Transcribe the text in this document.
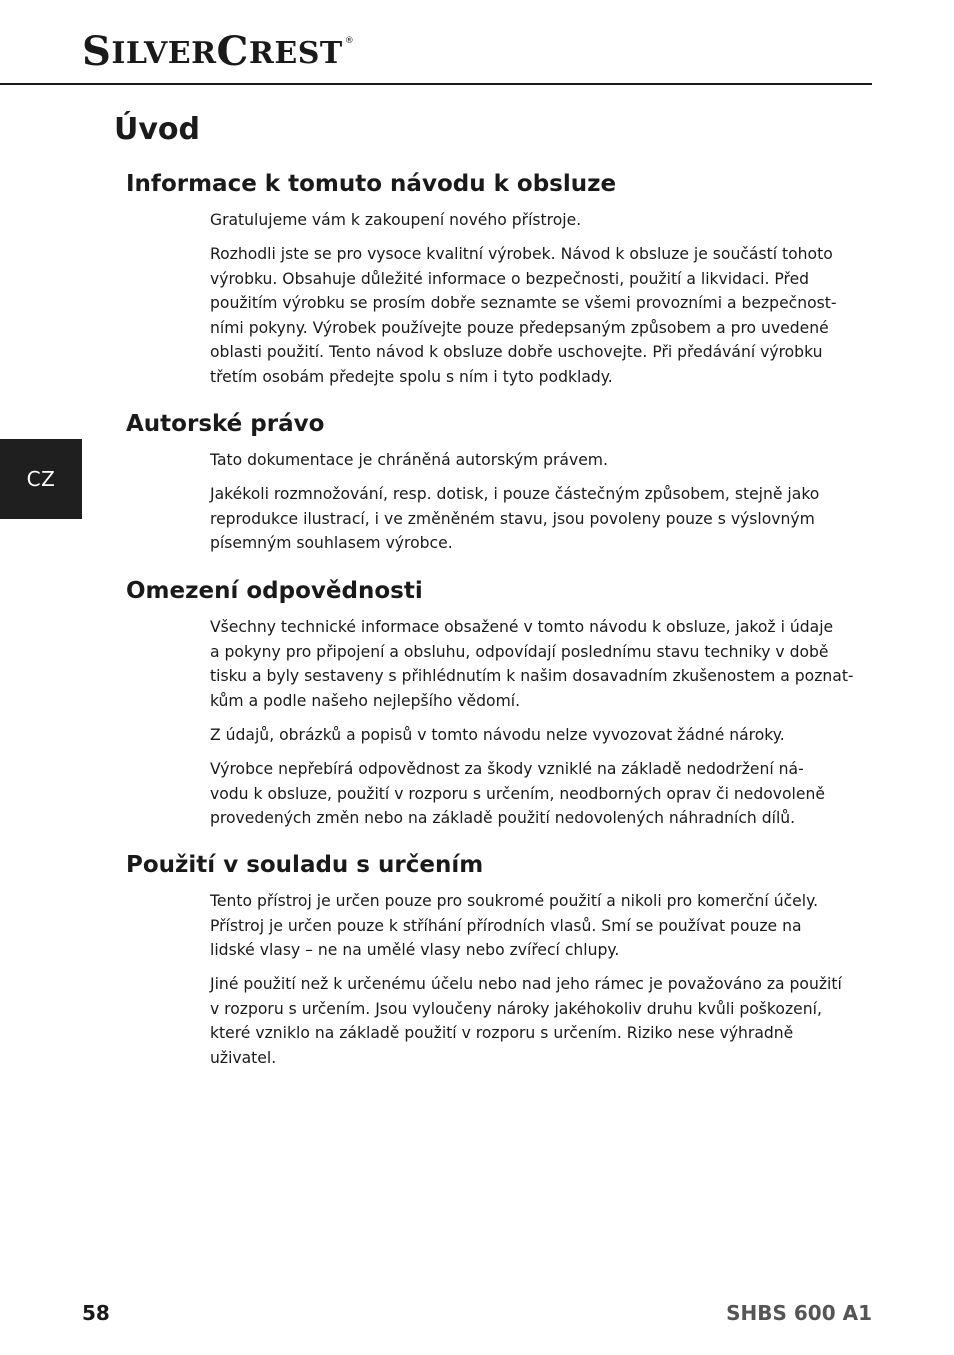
S ILVER C REST ®
CZ
Úvod
Informace k tomuto návodu k obsluze
Gratulujeme vám k zakoupení nového přístroje.
Rozhodli jste se pro vysoce kvalitní výrobek. Návod k obsluze je součástí tohoto
výrobku. Obsahuje důležité informace o bezpečnosti, použití a likvidaci. Před
použitím výrobku se prosím dobře seznamte se všemi provozními a bezpečnost-
ními pokyny. Výrobek používejte pouze předepsaným způsobem a pro uvedené
oblasti použití. Tento návod k obsluze dobře uschovejte. Při předávání výrobku
třetím osobám předejte spolu s ním i tyto podklady.
Autorské právo
Tato dokumentace je chráněná autorským právem.
Jakékoli rozmnožování, resp. dotisk, i pouze částečným způsobem, stejně jako
reprodukce ilustrací, i ve změněném stavu, jsou povoleny pouze s výslovným
písemným souhlasem výrobce.
Omezení odpovědnosti
Všechny technické informace obsažené v tomto návodu k obsluze, jakož i údaje
a pokyny pro připojení a obsluhu, odpovídají poslednímu stavu techniky v době
tisku a byly sestaveny s přihlédnutím k našim dosavadním zkušenostem a poznat-
kům a podle našeho nejlepšího vědomí.
Z údajů, obrázků a popisů v tomto návodu nelze vyvozovat žádné nároky.
Výrobce nepřebírá odpovědnost za škody vzniklé na základě nedodržení ná-
vodu k obsluze, použití v rozporu s určením, neodborných oprav či nedovoleně
provedených změn nebo na základě použití nedovolených náhradních dílů.
Použití v souladu s určením
Tento přístroj je určen pouze pro soukromé použití a nikoli pro komerční účely.
Přístroj je určen pouze k stříhání přírodních vlasů. Smí se používat pouze na
lidské vlasy – ne na umělé vlasy nebo zvířecí chlupy.
Jiné použití než k určenému účelu nebo nad jeho rámec je považováno za použití
v rozporu s určením. Jsou vyloučeny nároky jakéhokoliv druhu kvůli poškození,
které vzniklo na základě použití v rozporu s určením. Riziko nese výhradně
uživatel.
58	SHBS 600 A1
